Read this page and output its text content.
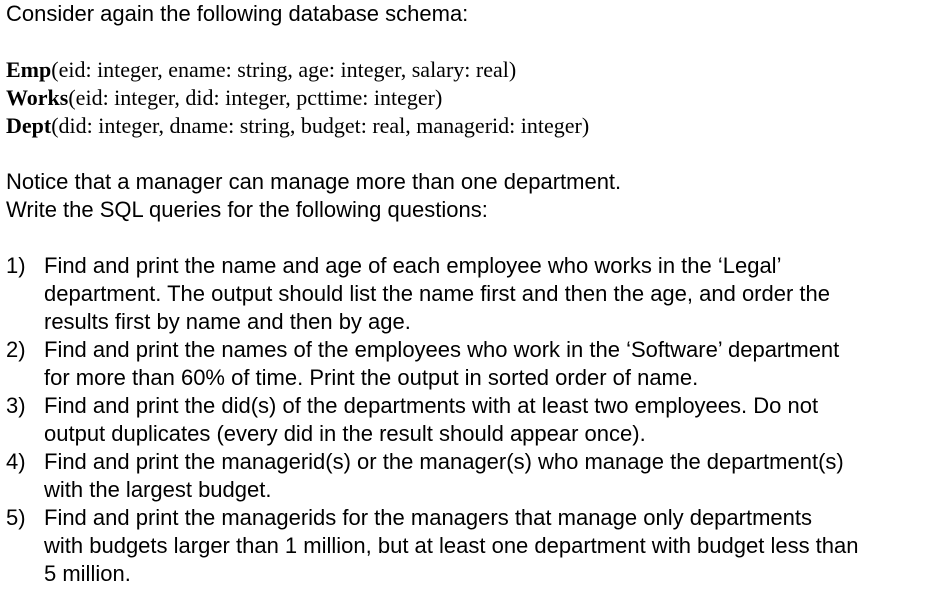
Consider again the following database schema:
Emp(eid: integer, ename: string, age: integer, salary: real)
Works(eid: integer, did: integer, pcttime: integer)
Dept(did: integer, dname: string, budget: real, managerid: integer)
Notice that a manager can manage more than one department.
Write the SQL queries for the following questions:
1) Find and print the name and age of each employee who works in the ‘Legal’
department. The output should list the name first and then the age, and order the
results first by name and then by age.
2) Find and print the names of the employees who work in the ‘Software’ department
for more than 60% of time. Print the output in sorted order of name.
3) Find and print the did(s) of the departments with at least two employees. Do not
output duplicates (every did in the result should appear once).
4) Find and print the managerid(s) or the manager(s) who manage the department(s)
with the largest budget.
5) Find and print the managerids for the managers that manage only departments
with budgets larger than 1 million, but at least one department with budget less than
5 million.
